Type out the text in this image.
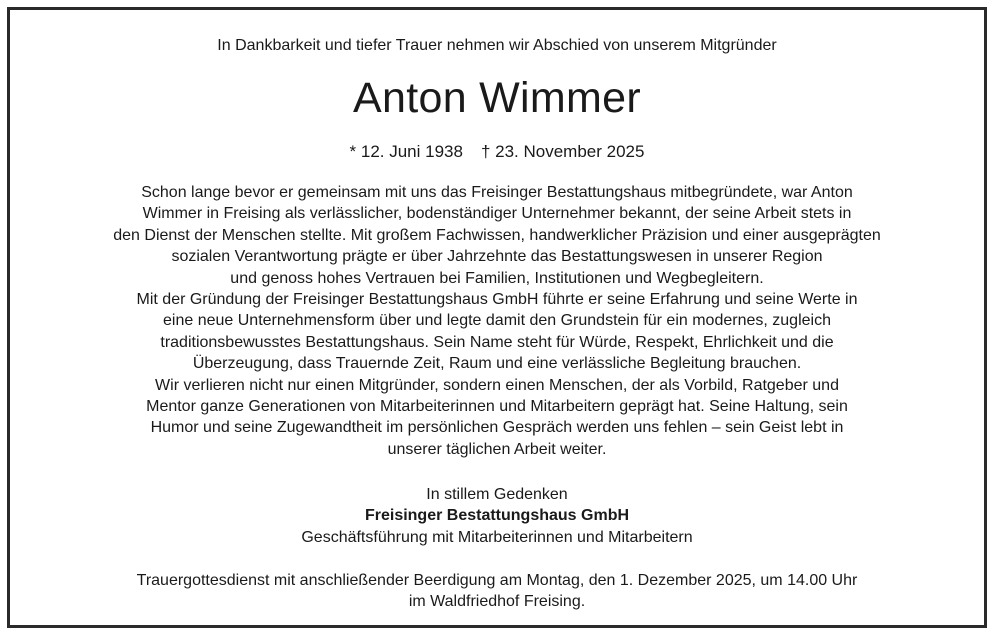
In Dankbarkeit und tiefer Trauer nehmen wir Abschied von unserem Mitgründer

Anton Wimmer

* 12. Juni 1938 † 23. November 2025

Schon lange bevor er gemeinsam mit uns das Freisinger Bestattungshaus mitbegründete, war Anton
Wimmer in Freising als verlässlicher, bodenständiger Unternehmer bekannt, der seine Arbeit stets in
den Dienst der Menschen stellte. Mit großem Fachwissen, handwerklicher Präzision und einer ausgeprägten
sozialen Verantwortung prägte er über Jahrzehnte das Bestattungswesen in unserer Region
und genoss hohes Vertrauen bei Familien, Institutionen und Wegbegleitern.
Mit der Gründung der Freisinger Bestattungshaus GmbH führte er seine Erfahrung und seine Werte in
eine neue Unternehmensform über und legte damit den Grundstein für ein modernes, zugleich
traditionsbewusstes Bestattungshaus. Sein Name steht für Würde, Respekt, Ehrlichkeit und die
Überzeugung, dass Trauernde Zeit, Raum und eine verlässliche Begleitung brauchen.
Wir verlieren nicht nur einen Mitgründer, sondern einen Menschen, der als Vorbild, Ratgeber und
Mentor ganze Generationen von Mitarbeiterinnen und Mitarbeitern geprägt hat. Seine Haltung, sein
Humor und seine Zugewandtheit im persönlichen Gespräch werden uns fehlen – sein Geist lebt in
unserer täglichen Arbeit weiter.

In stillem Gedenken
Freisinger Bestattungshaus GmbH
Geschäftsführung mit Mitarbeiterinnen und Mitarbeitern

Trauergottesdienst mit anschließender Beerdigung am Montag, den 1. Dezember 2025, um 14.00 Uhr
im Waldfriedhof Freising.
